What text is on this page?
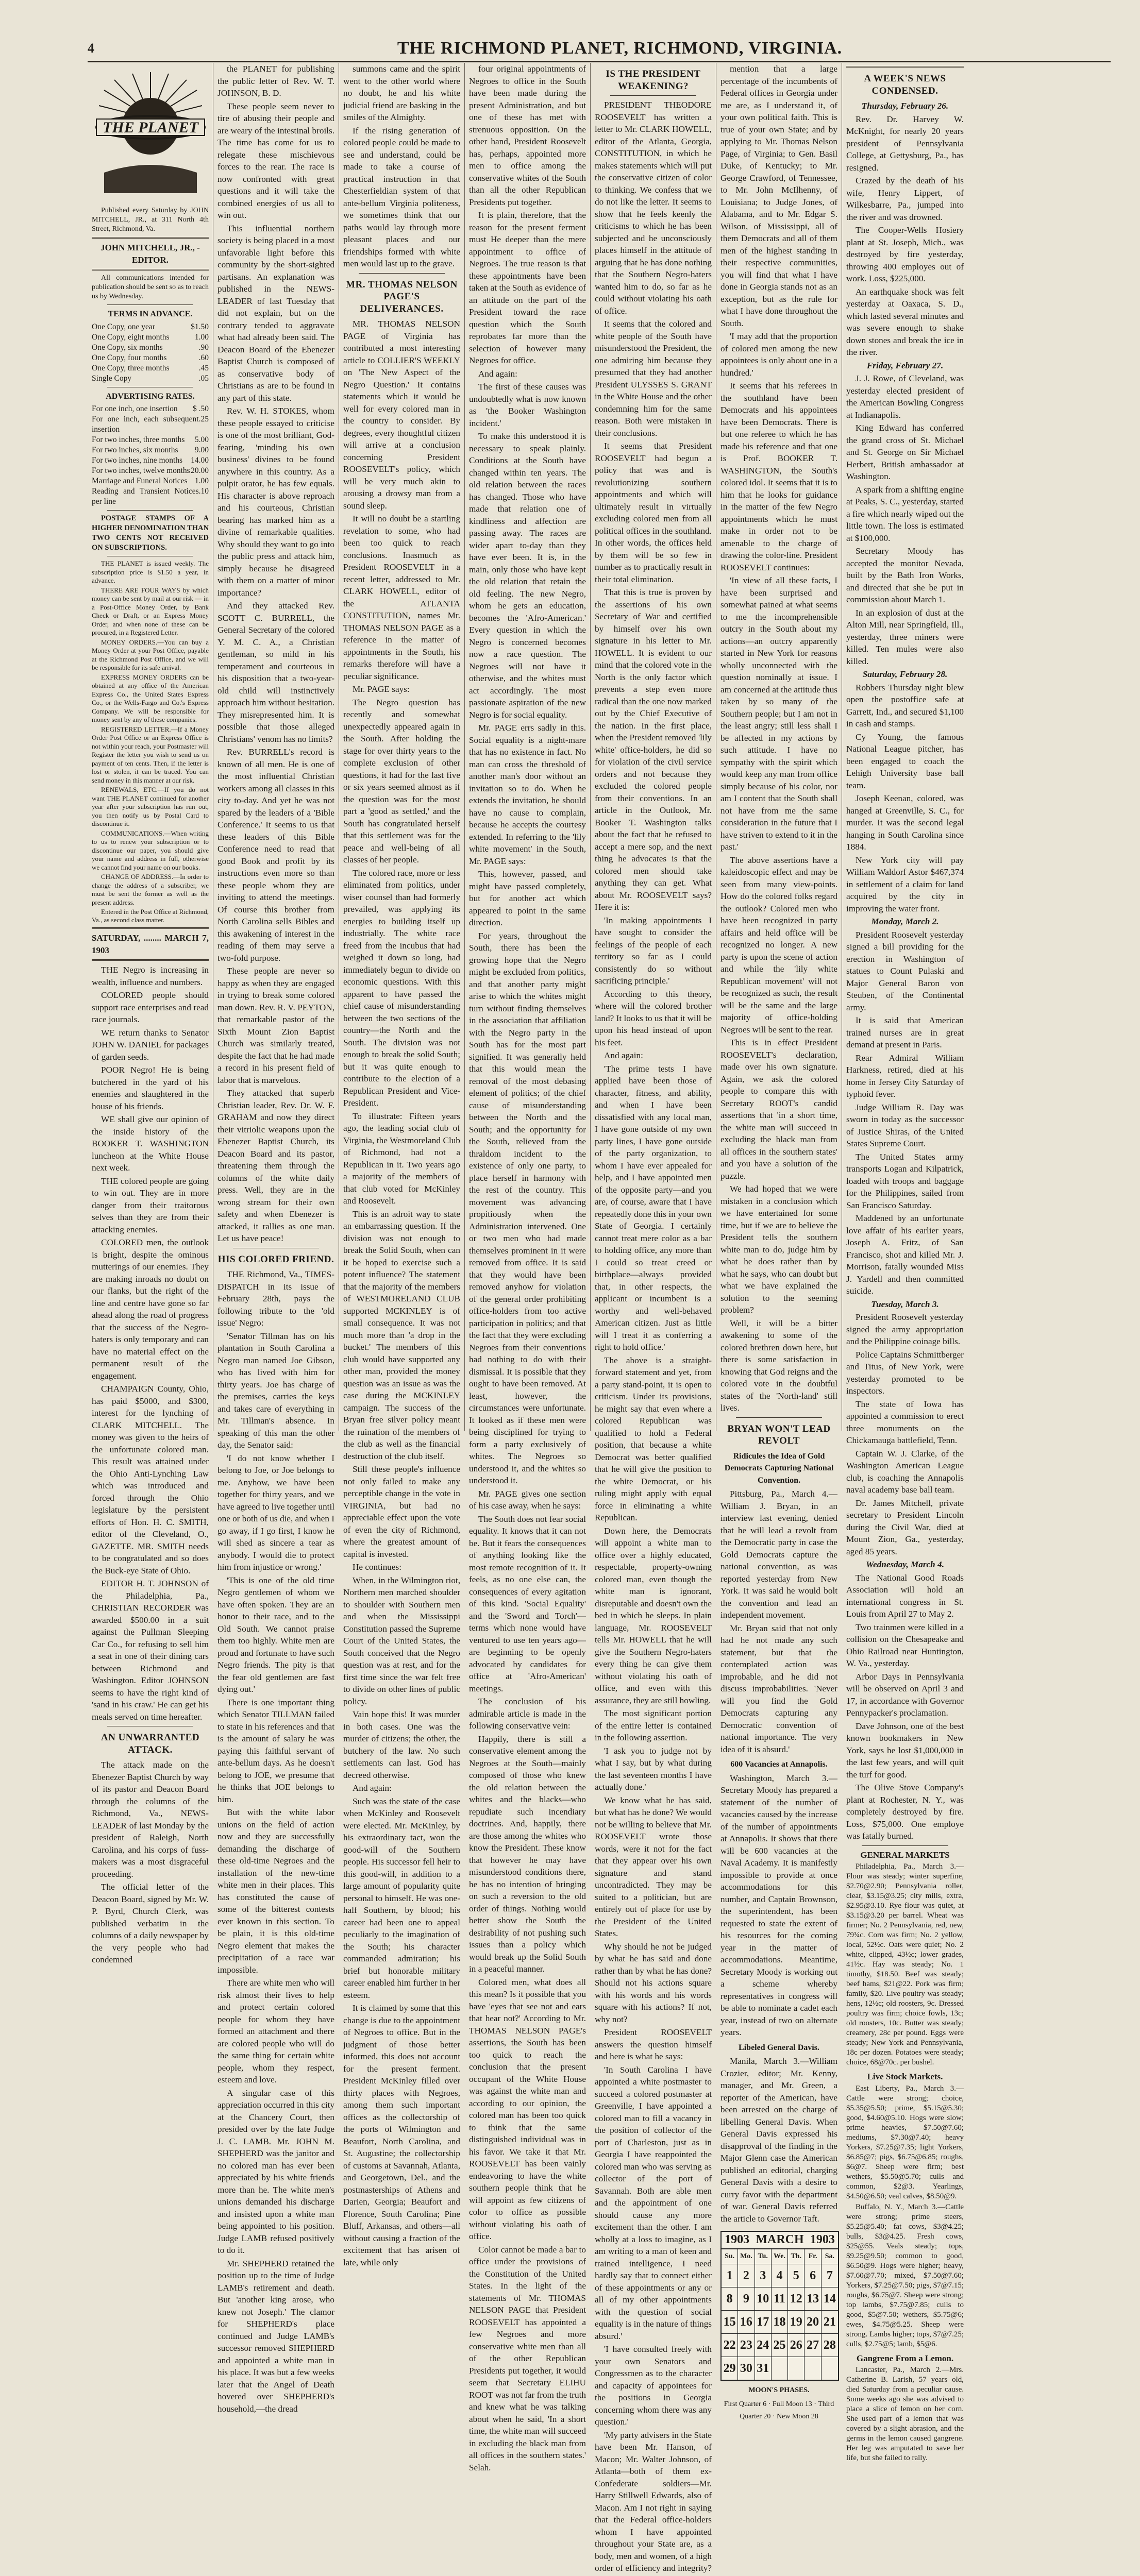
4	THE RICHMOND PLANET, RICHMOND, VIRGINIA.
THE PLANET

Published every Saturday by JOHN MITCHELL, JR., at 311 North 4th Street, Richmond, Va.

JOHN MITCHELL, JR., - EDITOR.

All communications intended for publication should be sent so as to reach us by Wednesday.

TERMS IN ADVANCE.
One Copy, one year	$1.50
One Copy, eight months	1.00
One Copy, six months	.90
One Copy, four months	.60
One Copy, three months	.45
Single Copy	.05
ADVERTISING RATES.
For one inch, one insertion $ .50
For one inch, each subsequent insertion
.25
For two inches, three months 5.00
For two inches, six months 9.00
For two inches, nine months 14.00
For two inches, twelve months 20.00
Marriage and Funeral Notices 1.00
Reading and Transient Notices per line
.10

POSTAGE STAMPS OF A HIGHER DENOMINATION THAN TWO CENTS NOT RECEIVED ON SUBSCRIPTIONS.

THE PLANET is issued weekly. The subscription price is $1.50 a year, in advance.

THERE ARE FOUR WAYS by which money can be sent by mail at our risk — in a Post-Office Money Order, by Bank Check or Draft, or an Express Money Order, and when none of these can be procured, in a Registered Letter.

MONEY ORDERS.—You can buy a Money Order at your Post Office, payable at the Richmond Post Office, and we will be responsible for its safe arrival.

EXPRESS MONEY ORDERS can be obtained at any office of the American Express Co., the United States Express Co., or the Wells-Fargo and Co.'s Express Company. We will be responsible for money sent by any of these companies.

REGISTERED LETTER.—If a Money Order Post Office or an Express Office is not within your reach, your Postmaster will Register the letter you wish to send us on payment of ten cents. Then, if the letter is lost or stolen, it can be traced. You can send money in this manner at our risk.

RENEWALS, ETC.—If you do not want THE PLANET continued for another year after your subscription has run out, you then notify us by Postal Card to discontinue it.

COMMUNICATIONS.—When writing to us to renew your subscription or to discontinue our paper, you should give your name and address in full, otherwise we cannot find your name on our books.

CHANGE OF ADDRESS.—In order to change the address of a subscriber, we must be sent the former as well as the present address.

Entered in the Post Office at Richmond, Va., as second class matter.

SATURDAY, ........ MARCH 7, 1903

THE Negro is increasing in wealth, influence and numbers.

COLORED people should support race enterprises and read race journals.

WE return thanks to Senator JOHN W. DANIEL for packages of garden seeds.

POOR Negro! He is being butchered in the yard of his enemies and slaughtered in the house of his friends.

WE shall give our opinion of the inside history of the BOOKER T. WASHINGTON luncheon at the White House next week.

THE colored people are going to win out. They are in more danger from their traitorous selves than they are from their attacking enemies.

COLORED men, the outlook is bright, despite the ominous mutterings of our enemies. They are making inroads no doubt on our flanks, but the right of the line and centre have gone so far ahead along the road of progress that the success of the Negro-haters is only temporary and can have no material effect on the permanent result of the engagement.

CHAMPAIGN County, Ohio, has paid $5000, and $300, interest for the lynching of CLARK MITCHELL. The money was given to the heirs of the unfortunate colored man. This result was attained under the Ohio Anti-Lynching Law which was introduced and forced through the Ohio legislature by the persistent efforts of Hon. H. C. SMITH, editor of the Cleveland, O., GAZETTE. MR. SMITH needs to be congratulated and so does the Buck-eye State of Ohio.

EDITOR H. T. JOHNSON of the Philadelphia, Pa., CHRISTIAN RECORDER was awarded $500.00 in a suit against the Pullman Sleeping Car Co., for refusing to sell him a seat in one of their dining cars between Richmond and Washington. Editor JOHNSON seems to have the right kind of 'sand in his craw.' He can get his meals served on time hereafter.

AN UNWARRANTED ATTACK.

The attack made on the Ebenezer Baptist Church by way of its pastor and Deacon Board through the columns of the Richmond, Va., NEWS-LEADER of last Monday by the president of Raleigh, North Carolina, and his corps of fuss-makers was a most disgraceful proceeding.

The official letter of the Deacon Board, signed by Mr. W. P. Byrd, Church Clerk, was published verbatim in the columns of a daily newspaper by the very people who had condemned

the PLANET for publishing the public letter of Rev. W. T. JOHNSON, B. D.

These people seem never to tire of abusing their people and are weary of the intestinal broils. The time has come for us to relegate these mischievous forces to the rear. The race is now confronted with great questions and it will take the combined energies of us all to win out.

This influential northern society is being placed in a most unfavorable light before this community by the short-sighted partisans. An explanation was published in the NEWS-LEADER of last Tuesday that did not explain, but on the contrary tended to aggravate what had already been said. The Deacon Board of the Ebenezer Baptist Church is composed of as conservative body of Christians as are to be found in any part of this state.

Rev. W. H. STOKES, whom these people essayed to criticise is one of the most brilliant, God-fearing, 'minding his own business' divines to be found anywhere in this country. As a pulpit orator, he has few equals. His character is above reproach and his courteous, Christian bearing has marked him as a divine of remarkable qualities. Why should they want to go into the public press and attack him, simply because he disagreed with them on a matter of minor importance?

And they attacked Rev. SCOTT C. BURRELL, the General Secretary of the colored Y. M. C. A., a Christian gentleman, so mild in his temperament and courteous in his disposition that a two-year-old child will instinctively approach him without hesitation. They misrepresented him. It is possible that those alleged Christians' venom has no limits?

Rev. BURRELL's record is known of all men. He is one of the most influential Christian workers among all classes in this city to-day. And yet he was not spared by the leaders of a 'Bible Conference.' It seems to us that these leaders of this Bible Conference need to read that good Book and profit by its instructions even more so than these people whom they are inviting to attend the meetings. Of course this brother from North Carolina sells Bibles and this awakening of interest in the reading of them may serve a two-fold purpose.

These people are never so happy as when they are engaged in trying to break some colored man down. Rev. R. V. PEYTON, that remarkable pastor of the Sixth Mount Zion Baptist Church was similarly treated, despite the fact that he had made a record in his present field of labor that is marvelous.

They attacked that superb Christian leader, Rev. Dr. W. F. GRAHAM and now they direct their vitriolic weapons upon the Ebenezer Baptist Church, its Deacon Board and its pastor, threatening them through the columns of the white daily press. Well, they are in the wrong stream for their own safety and when Ebenezer is attacked, it rallies as one man. Let us have peace!

HIS COLORED FRIEND.

THE Richmond, Va., TIMES-DISPATCH in its issue of February 28th, pays the following tribute to the 'old issue' Negro:

'Senator Tillman has on his plantation in South Carolina a Negro man named Joe Gibson, who has lived with him for thirty years. Joe has charge of the premises, carries the keys and takes care of everything in Mr. Tillman's absence. In speaking of this man the other day, the Senator said:

'I do not know whether I belong to Joe, or Joe belongs to me. Anyhow, we have been together for thirty years, and we have agreed to live together until one or both of us die, and when I go away, if I go first, I know he will shed as sincere a tear as anybody. I would die to protect him from injustice or wrong.'

'This is one of the old time Negro gentlemen of whom we have often spoken. They are an honor to their race, and to the Old South. We cannot praise them too highly. White men are proud and fortunate to have such Negro friends. The pity is that the fear old gentlemen are fast dying out.'

There is one important thing which Senator TILLMAN failed to state in his references and that is the amount of salary he was paying this faithful servant of ante-bellum days. As he doesn't belong to JOE, we presume that he thinks that JOE belongs to him.

But with the white labor unions on the field of action now and they are successfully demanding the discharge of these old-time Negroes and the installation of the new-time white men in their places. This has constituted the cause of some of the bitterest contests ever known in this section. To be plain, it is this old-time Negro element that makes the precipitation of a race war impossible.

There are white men who will risk almost their lives to help and protect certain colored people for whom they have formed an attachment and there are colored people who will do the same thing for certain white people, whom they respect, esteem and love.

A singular case of this appreciation occurred in this city at the Chancery Court, then presided over by the late Judge J. C. LAMB. Mr. JOHN M. SHEPHERD was the janitor and no colored man has ever been appreciated by his white friends more than he. The white men's unions demanded his discharge and insisted upon a white man being appointed to his position. Judge LAMB refused positively to do it.

Mr. SHEPHERD retained the position up to the time of Judge LAMB's retirement and death. But 'another king arose, who knew not Joseph.' The clamor for SHEPHERD's place continued and Judge LAMB's successor removed SHEPHERD and appointed a white man in his place. It was but a few weeks later that the Angel of Death hovered over SHEPHERD's household,—the dread

summons came and the spirit went to the other world where no doubt, he and his white judicial friend are basking in the smiles of the Almighty.

If the rising generation of colored people could be made to see and understand, could be made to take a course of practical instruction in that Chesterfieldian system of that ante-bellum Virginia politeness, we sometimes think that our paths would lay through more pleasant places and our friendships formed with white men would last up to the grave.

MR. THOMAS NELSON PAGE'S DELIVERANCES.

MR. THOMAS NELSON PAGE of Virginia has contributed a most interesting article to COLLIER'S WEEKLY on 'The New Aspect of the Negro Question.' It contains statements which it would be well for every colored man in the country to consider. By degrees, every thoughtful citizen will arrive at a conclusion concerning President ROOSEVELT's policy, which will be very much akin to arousing a drowsy man from a sound sleep.

It will no doubt be a startling revelation to some, who had been too quick to reach conclusions. Inasmuch as President ROOSEVELT in a recent letter, addressed to Mr. CLARK HOWELL, editor of the ATLANTA CONSTITUTION, names Mr. THOMAS NELSON PAGE as a reference in the matter of appointments in the South, his remarks therefore will have a peculiar significance.

Mr. PAGE says:

The Negro question has recently and somewhat unexpectedly appeared again in the South. After holding the stage for over thirty years to the complete exclusion of other questions, it had for the last five or six years seemed almost as if the question was for the most part a 'good as settled,' and the South has congratulated herself that this settlement was for the peace and well-being of all classes of her people.

The colored race, more or less eliminated from politics, under wiser counsel than had formerly prevailed, was applying its energies to building itself up industrially. The white race freed from the incubus that had weighed it down so long, had immediately begun to divide on economic questions. With this apparent to have passed the chief cause of misunderstanding between the two sections of the country—the North and the South. The division was not enough to break the solid South; but it was quite enough to contribute to the election of a Republican President and Vice-President.

To illustrate: Fifteen years ago, the leading social club of Virginia, the Westmoreland Club of Richmond, had not a Republican in it. Two years ago a majority of the members of that club voted for McKinley and Roosevelt.

This is an adroit way to state an embarrassing question. If the division was not enough to break the Solid South, when can it be hoped to exercise such a potent influence? The statement that the majority of the members of WESTMORELAND CLUB supported MCKINLEY is of small consequence. It was not much more than 'a drop in the bucket.' The members of this club would have supported any other man, provided the money question was an issue as was the case during the MCKINLEY campaign. The success of the Bryan free silver policy meant the ruination of the members of the club as well as the financial destruction of the club itself.

Still these people's influence not only failed to make any perceptible change in the vote in VIRGINIA, but had no appreciable effect upon the vote of even the city of Richmond, where the greatest amount of capital is invested.

He continues:

When, in the Wilmington riot, Northern men marched shoulder to shoulder with Southern men and when the Mississippi Constitution passed the Supreme Court of the United States, the South conceived that the Negro question was at rest, and for the first time since the war felt free to divide on other lines of public policy.

Vain hope this! It was murder in both cases. One was the murder of citizens; the other, the butchery of the law. No such settlements can last. God has decreed otherwise.

And again:

Such was the state of the case when McKinley and Roosevelt were elected. Mr. McKinley, by his extraordinary tact, won the good-will of the Southern people. His successor fell heir to this good-will, in addition to a large amount of popularity quite personal to himself. He was one-half Southern, by blood; his career had been one to appeal peculiarly to the imagination of the South; his character commanded admiration; his brief but honorable military career enabled him further in her esteem.

It is claimed by some that this change is due to the appointment of Negroes to office. But in the judgment of those better informed, this does not account for the present ferment. President McKinley filled over thirty places with Negroes, among them such important offices as the collectorship of the ports of Wilmington and Beaufort, North Carolina, and St. Augustine; the collectorship of customs at Savannah, Atlanta, and Georgetown, Del., and the postmasterships of Athens and Darien, Georgia; Beaufort and Florence, South Carolina; Pine Bluff, Arkansas, and others—all without causing a fraction of the excitement that has arisen of late, while only

four original appointments of Negroes to office in the South have been made during the present Administration, and but one of these has met with strenuous opposition. On the other hand, President Roosevelt has, perhaps, appointed more men to office among the conservative whites of the South than all the other Republican Presidents put together.

It is plain, therefore, that the reason for the present ferment must He deeper than the mere appointment to office of Negroes. The true reason is that these appointments have been taken at the South as evidence of an attitude on the part of the President toward the race question which the South reprobates far more than the selection of however many Negroes for office.

And again:

The first of these causes was undoubtedly what is now known as 'the Booker Washington incident.'

To make this understood it is necessary to speak plainly. Conditions at the South have changed within ten years. The old relation between the races has changed. Those who have made that relation one of kindliness and affection are passing away. The races are wider apart to-day than they have ever been. It is, in the main, only those who have kept the old relation that retain the old feeling. The new Negro, whom he gets an education, becomes the 'Afro-American.' Every question in which the Negro is concerned becomes now a race question. The Negroes will not have it otherwise, and the whites must act accordingly. The most passionate aspiration of the new Negro is for social equality.

Mr. PAGE errs sadly in this. Social equality is a night-mare that has no existence in fact. No man can cross the threshold of another man's door without an invitation so to do. When he extends the invitation, he should have no cause to complain, because he accepts the courtesy extended. In referring to the 'lily white movement' in the South, Mr. PAGE says:

This, however, passed, and might have passed completely, but for another act which appeared to point in the same direction.

For years, throughout the South, there has been the growing hope that the Negro might be excluded from politics, and that another party might arise to which the whites might turn without finding themselves in the association that affiliation with the Negro party in the South has for the most part signified. It was generally held that this would mean the removal of the most debasing element of politics; of the chief cause of misunderstanding between the North and the South; and the opportunity for the South, relieved from the thraldom incident to the existence of only one party, to place herself in harmony with the rest of the country. This movement was advancing propitiously when the Administration intervened. One or two men who had made themselves prominent in it were removed from office. It is said that they would have been removed anyhow for violation of the general order prohibiting office-holders from too active participation in politics; and that the fact that they were excluding Negroes from their conventions had nothing to do with their dismissal. It is possible that they ought to have been removed. At least, however, the circumstances were unfortunate. It looked as if these men were being disciplined for trying to form a party exclusively of whites. The Negroes so understood it, and the whites so understood it.

Mr. PAGE gives one section of his case away, when he says:

The South does not fear social equality. It knows that it can not be. But it fears the consequences of anything looking like the most remote recognition of it. It feels, as no one else can, the consequences of every agitation of this kind. 'Social Equality' and the 'Sword and Torch'—terms which none would have ventured to use ten years ago—are beginning to be openly advocated by candidates for office at 'Afro-American' meetings.

The conclusion of his admirable article is made in the following conservative vein:

Happily, there is still a conservative element among the Negroes at the South—mainly composed of those who knew the old relation between the whites and the blacks—who repudiate such incendiary doctrines. And, happily, there are those among the whites who know the President. These know that however he may have misunderstood conditions there, he has no intention of bringing on such a reversion to the old order of things. Nothing would better show the South the desirability of not pushing such issues than a policy which would break up the Solid South in a peaceful manner.

Colored men, what does all this mean? Is it possible that you have 'eyes that see not and ears that hear not?' According to Mr. THOMAS NELSON PAGE's assertions, the South has been too quick to reach the conclusion that the present occupant of the White House was against the white man and according to our opinion, the colored man has been too quick to think that the same distinguished individual was in his favor. We take it that Mr. ROOSEVELT has been vainly endeavoring to have the white southern people think that he will appoint as few citizens of color to office as possible without violating his oath of office.

Color cannot be made a bar to office under the provisions of the Constitution of the United States. In the light of the statements of Mr. THOMAS NELSON PAGE that President ROOSEVELT has appointed a few Negroes and more conservative white men than all of the other Republican Presidents put together, it would seem that Secretary ELIHU ROOT was not far from the truth and knew what he was talking about when he said, 'In a short time, the white man will succeed in excluding the black man from all offices in the southern states.' Selah.

IS THE PRESIDENT WEAKENING?

PRESIDENT THEODORE ROOSEVELT has written a letter to Mr. CLARK HOWELL, editor of the Atlanta, Georgia, CONSTITUTION, in which he makes statements which will put the conservative citizen of color to thinking. We confess that we do not like the letter. It seems to show that he feels keenly the criticisms to which he has been subjected and he unconsciously places himself in the attitude of arguing that he has done nothing that the Southern Negro-haters wanted him to do, so far as he could without violating his oath of office.

It seems that the colored and white people of the South have misunderstood the President, the one admiring him because they presumed that they had another President ULYSSES S. GRANT in the White House and the other condemning him for the same reason. Both were mistaken in their conclusions.

It seems that President ROOSEVELT had begun a policy that was and is revolutionizing southern appointments and which will ultimately result in virtually excluding colored men from all political offices in the southland. In other words, the offices held by them will be so few in number as to practically result in their total elimination.

That this is true is proven by the assertions of his own Secretary of War and certified by himself over his own signature in his letter to Mr. HOWELL. It is evident to our mind that the colored vote in the North is the only factor which prevents a step even more radical than the one now marked out by the Chief Executive of the nation. In the first place, when the President removed 'lily white' office-holders, he did so for violation of the civil service orders and not because they excluded the colored people from their conventions. In an article in the Outlook, Mr. Booker T. Washington talks about the fact that he refused to accept a mere sop, and the next thing he advocates is that the colored men should take anything they can get. What about Mr. ROOSEVELT says? Here it is:

'In making appointments I have sought to consider the feelings of the people of each territory so far as I could consistently do so without sacrificing principle.'

According to this theory, where will the colored brother land? It looks to us that it will be upon his head instead of upon his feet.

And again:

'The prime tests I have applied have been those of character, fitness, and ability, and when I have been dissatisfied with any local man, I have gone outside of my own party lines, I have gone outside of the party organization, to whom I have ever appealed for help, and I have appointed men of the opposite party—and you are, of course, aware that I have repeatedly done this in your own State of Georgia. I certainly cannot treat mere color as a bar to holding office, any more than I could so treat creed or birthplace—always provided that, in other respects, the applicant or incumbent is a worthy and well-behaved American citizen. Just as little will I treat it as conferring a right to hold office.'

The above is a straight-forward statement and yet, from a party stand-point, it is open to criticism. Under its provisions, he might say that even where a colored Republican was qualified to hold a Federal position, that because a white Democrat was better qualified that he will give the position to the white Democrat, or his ruling might apply with equal force in eliminating a white Republican.

Down here, the Democrats will appoint a white man to office over a highly educated, respectable, property-owning colored man, even though the white man is ignorant, disreputable and doesn't own the bed in which he sleeps. In plain language, Mr. ROOSEVELT tells Mr. HOWELL that he will give the Southern Negro-haters every thing he can give them without violating his oath of office, and even with this assurance, they are still howling.

The most significant portion of the entire letter is contained in the following assertion.

'I ask you to judge not by what I say, but by what during the last seventeen months I have actually done.'

We know what he has said, but what has he done? We would not be willing to believe that Mr. ROOSEVELT wrote those words, were it not for the fact that they appear over his own signature and stand uncontradicted. They may be suited to a politician, but are entirely out of place for use by the President of the United States.

Why should he not be judged by what he has said and done rather than by what he has done? Should not his actions square with his words and his words square with his actions? If not, why not?

President ROOSEVELT answers the question himself and here is what he says:

'In South Carolina I have appointed a white postmaster to succeed a colored postmaster at Greenville, I have appointed a colored man to fill a vacancy in the position of collector of the port of Charleston, just as in Georgia I have reappointed the colored man who was serving as collector of the port of Savannah. Both are able men and the appointment of one should cause any more excitement than the other. I am wholly at a loss to imagine, as I am writing to a man of keen and trained intelligence, I need hardly say that to connect either of these appointments or any or all of my other appointments with the question of social equality is in the nature of things absurd.'

'I have consulted freely with your own Senators and Congressmen as to the character and capacity of appointees for the positions in Georgia concerning whom there was any question.'

'My party advisers in the State have been Mr. Hanson, of Macon; Mr. Walter Johnson, of Atlanta—both of them ex-Confederate soldiers—Mr. Harry Stillwell Edwards, also of Macon. Am I not right in saying that the Federal office-holders whom I have appointed throughout your State are, as a body, men and women, of a high order of efficiency and integrity?

mention that a large percentage of the incumbents of Federal offices in Georgia under me are, as I understand it, of your own political faith. This is true of your own State; and by applying to Mr. Thomas Nelson Page, of Virginia; to Gen. Basil Duke, of Kentucky; to Mr. George Crawford, of Tennessee, to Mr. John McIlhenny, of Louisiana; to Judge Jones, of Alabama, and to Mr. Edgar S. Wilson, of Mississippi, all of them Democrats and all of them men of the highest standing in their respective communities, you will find that what I have done in Georgia stands not as an exception, but as the rule for what I have done throughout the South.

'I may add that the proportion of colored men among the new appointees is only about one in a hundred.'

It seems that his referees in the southland have been Democrats and his appointees have been Democrats. There is but one referee to which he has made his reference and that one is Prof. BOOKER T. WASHINGTON, the South's colored idol. It seems that it is to him that he looks for guidance in the matter of the few Negro appointments which he must make in order not to be amenable to the charge of drawing the color-line. President ROOSEVELT continues:

'In view of all these facts, I have been surprised and somewhat pained at what seems to me the incomprehensible outcry in the South about my actions—an outcry apparently started in New York for reasons wholly unconnected with the question nominally at issue. I am concerned at the attitude thus taken by so many of the Southern people; but I am not in the least angry; still less shall I be affected in my actions by such attitude. I have no sympathy with the spirit which would keep any man from office simply because of his color, nor am I content that the South shall not have from me the same consideration in the future that I have striven to extend to it in the past.'

The above assertions have a kaleidoscopic effect and may be seen from many view-points. How do the colored folks regard the outlook? Colored men who have been recognized in party affairs and held office will be recognized no longer. A new party is upon the scene of action and while the 'lily white Republican movement' will not be recognized as such, the result will be the same and the large majority of office-holding Negroes will be sent to the rear.

This is in effect President ROOSEVELT's declaration, made over his own signature. Again, we ask the colored people to compare this with Secretary ROOT's candid assertions that 'in a short time, the white man will succeed in excluding the black man from all offices in the southern states' and you have a solution of the puzzle.

We had hoped that we were mistaken in a conclusion which we have entertained for some time, but if we are to believe the President tells the southern white man to do, judge him by what he does rather than by what he says, who can doubt but what we have explained the solution to the seeming problem?

Well, it will be a bitter awakening to some of the colored brethren down here, but there is some satisfaction in knowing that God reigns and the colored vote in the doubtful states of the 'North-land' still lives.

BRYAN WON'T LEAD REVOLT
Ridicules the Idea of Gold Democrats Capturing National Convention.

Pittsburg, Pa., March 4.—William J. Bryan, in an interview last evening, denied that he will lead a revolt from the Democratic party in case the Gold Democrats capture the national convention, as was reported yesterday from New York. It was said he would bolt the convention and lead an independent movement.

Mr. Bryan said that not only had he not made any such statement, but that the contemplated action was improbable, and he did not discuss improbabilities. 'Never will you find the Gold Democrats capturing any Democratic convention of national importance. The very idea of it is absurd.'

600 Vacancies at Annapolis.

Washington, March 3.—Secretary Moody has prepared a statement of the number of vacancies caused by the increase of the number of appointments at Annapolis. It shows that there will be 600 vacancies at the Naval Academy. It is manifestly impossible to provide at once accommodations for this number, and Captain Brownson, the superintendent, has been requested to state the extent of his resources for the coming year in the matter of accommodations. Meantime, Secretary Moody is working out a scheme whereby representatives in congress will be able to nominate a cadet each year, instead of two on alternate years.

Libeled General Davis.

Manila, March 3.—William Crozier, editor; Mr. Kenny, manager, and Mr. Green, a reporter of the American, have been arrested on the charge of libelling General Davis. When General Davis expressed his disapproval of the finding in the Major Glenn case the American published an editorial, charging General Davis with a desire to curry favor with the department of war. General Davis referred the article to Governor Taft.

1903 MARCH 1903
Su. Mo. Tu. We. Th. Fr.	Sa.
1 2 3 4 5 6 7
8 9 10 11 12 13 14
15 16 17 18 19 20 21
22 23 24 25 26 27 28
29 30 31
MOON'S PHASES.
First Quarter 6 · Full Moon 13 · Third Quarter 20 · New Moon 28
A WEEK'S NEWS CONDENSED.

Thursday, February 26.

Rev. Dr. Harvey W. McKnight, for nearly 20 years president of Pennsylvania College, at Gettysburg, Pa., has resigned.

Crazed by the death of his wife, Henry Lippert, of Wilkesbarre, Pa., jumped into the river and was drowned.

The Cooper-Wells Hosiery plant at St. Joseph, Mich., was destroyed by fire yesterday, throwing 400 employes out of work. Loss, $225,000.

An earthquake shock was felt yesterday at Oaxaca, S. D., which lasted several minutes and was severe enough to shake down stones and break the ice in the river.

Friday, February 27.

J. J. Rowe, of Cleveland, was yesterday elected president of the American Bowling Congress at Indianapolis.

King Edward has conferred the grand cross of St. Michael and St. George on Sir Michael Herbert, British ambassador at Washington.

A spark from a shifting engine at Peaks, S. C., yesterday, started a fire which nearly wiped out the little town. The loss is estimated at $100,000.

Secretary Moody has accepted the monitor Nevada, built by the Bath Iron Works, and directed that she be put in commission about March 1.

In an explosion of dust at the Alton Mill, near Springfield, Ill., yesterday, three miners were killed. Ten mules were also killed.

Saturday, February 28.

Robbers Thursday night blew open the postoffice safe at Garrett, Ind., and secured $1,100 in cash and stamps.

Cy Young, the famous National League pitcher, has been engaged to coach the Lehigh University base ball team.

Joseph Keenan, colored, was hanged at Greenville, S. C., for murder. It was the second legal hanging in South Carolina since 1884.

New York city will pay William Waldorf Astor $467,374 in settlement of a claim for land acquired by the city in improving the water front.

Monday, March 2.

President Roosevelt yesterday signed a bill providing for the erection in Washington of statues to Count Pulaski and Major General Baron von Steuben, of the Continental army.

It is said that American trained nurses are in great demand at present in Paris.

Rear Admiral William Harkness, retired, died at his home in Jersey City Saturday of typhoid fever.

Judge William R. Day was sworn in today as the successor of Justice Shiras, of the United States Supreme Court.

The United States army transports Logan and Kilpatrick, loaded with troops and baggage for the Philippines, sailed from San Francisco Saturday.

Maddened by an unfortunate love affair of his earlier years, Joseph A. Fritz, of San Francisco, shot and killed Mr. J. Morrison, fatally wounded Miss J. Yardell and then committed suicide.

Tuesday, March 3.

President Roosevelt yesterday signed the army appropriation and the Philippine coinage bills.

Police Captains Schmittberger and Titus, of New York, were yesterday promoted to be inspectors.

The state of Iowa has appointed a commission to erect three monuments on the Chickamauga battlefield, Tenn.

Captain W. J. Clarke, of the Washington American League club, is coaching the Annapolis naval academy base ball team.

Dr. James Mitchell, private secretary to President Lincoln during the Civil War, died at Mount Zion, Ga., yesterday, aged 85 years.

Wednesday, March 4.

The National Good Roads Association will hold an international congress in St. Louis from April 27 to May 2.

Two trainmen were killed in a collision on the Chesapeake and Ohio Railroad near Huntington, W. Va., yesterday.

Arbor Days in Pennsylvania will be observed on April 3 and 17, in accordance with Governor Pennypacker's proclamation.

Dave Johnson, one of the best known bookmakers in New York, says he lost $1,000,000 in the last few years, and will quit the turf for good.

The Olive Stove Company's plant at Rochester, N. Y., was completely destroyed by fire. Loss, $75,000. One employe was fatally burned.

GENERAL MARKETS

Philadelphia, Pa., March 3.—Flour was steady; winter superfine, $2.70@2.90; Pennsylvania roller, clear, $3.15@3.25; city mills, extra, $2.95@3.10. Rye flour was quiet, at $3.15@3.20 per barrel. Wheat was firmer; No. 2 Pennsylvania, red, new, 79¾c. Corn was firm; No. 2 yellow, local, 52½c. Oats were quiet; No. 2 white, clipped, 43½c; lower grades, 41½c. Hay was steady; No. 1 timothy, $18.50. Beef was steady; beef hams, $21@22. Pork was firm; family, $20. Live poultry was steady; hens, 12½c; old roosters, 9c. Dressed poultry was firm; choice fowls, 13c; old roosters, 10c. Butter was steady; creamery, 28c per pound. Eggs were steady; New York and Pennsylvania, 18c per dozen. Potatoes were steady; choice, 68@70c. per bushel.

Live Stock Markets.

East Liberty, Pa., March 3.—Cattle were strong; choice, $5.35@5.50; prime, $5.15@5.30; good, $4.60@5.10. Hogs were slow; prime heavies, $7.50@7.60; mediums, $7.30@7.40; heavy Yorkers, $7.25@7.35; light Yorkers, $6.85@7; pigs, $6.75@6.85; roughs, $6@7. Sheep were firm; best wethers, $5.50@5.70; culls and common, $2@3. Yearlings, $4.50@6.50; veal calves, $8.50@9.

Buffalo, N. Y., March 3.—Cattle were strong; prime steers, $5.25@5.40; fat cows, $3@4.25; bulls, $3@4.25. Fresh cows, $25@55. Veals steady; tops, $9.25@9.50; common to good, $6.50@9. Hogs were higher; heavy, $7.60@7.70; mixed, $7.50@7.60; Yorkers, $7.25@7.50; pigs, $7@7.15; roughs, $6.75@7. Sheep were strong; top lambs, $7.75@7.85; culls to good, $5@7.50; wethers, $5.75@6; ewes, $4.75@5.25. Sheep were strong. Lambs higher; tops, $7@7.25; culls, $2.75@5; lamb, $5@6.

Gangrene From a Lemon.

Lancaster, Pa., March 2.—Mrs. Catherine B. Larish, 57 years old, died Saturday from a peculiar cause. Some weeks ago she was advised to place a slice of lemon on her corn. She used part of a lemon that was covered by a slight abrasion, and the germs in the lemon caused gangrene. Her leg was amputated to save her life, but she failed to rally.
